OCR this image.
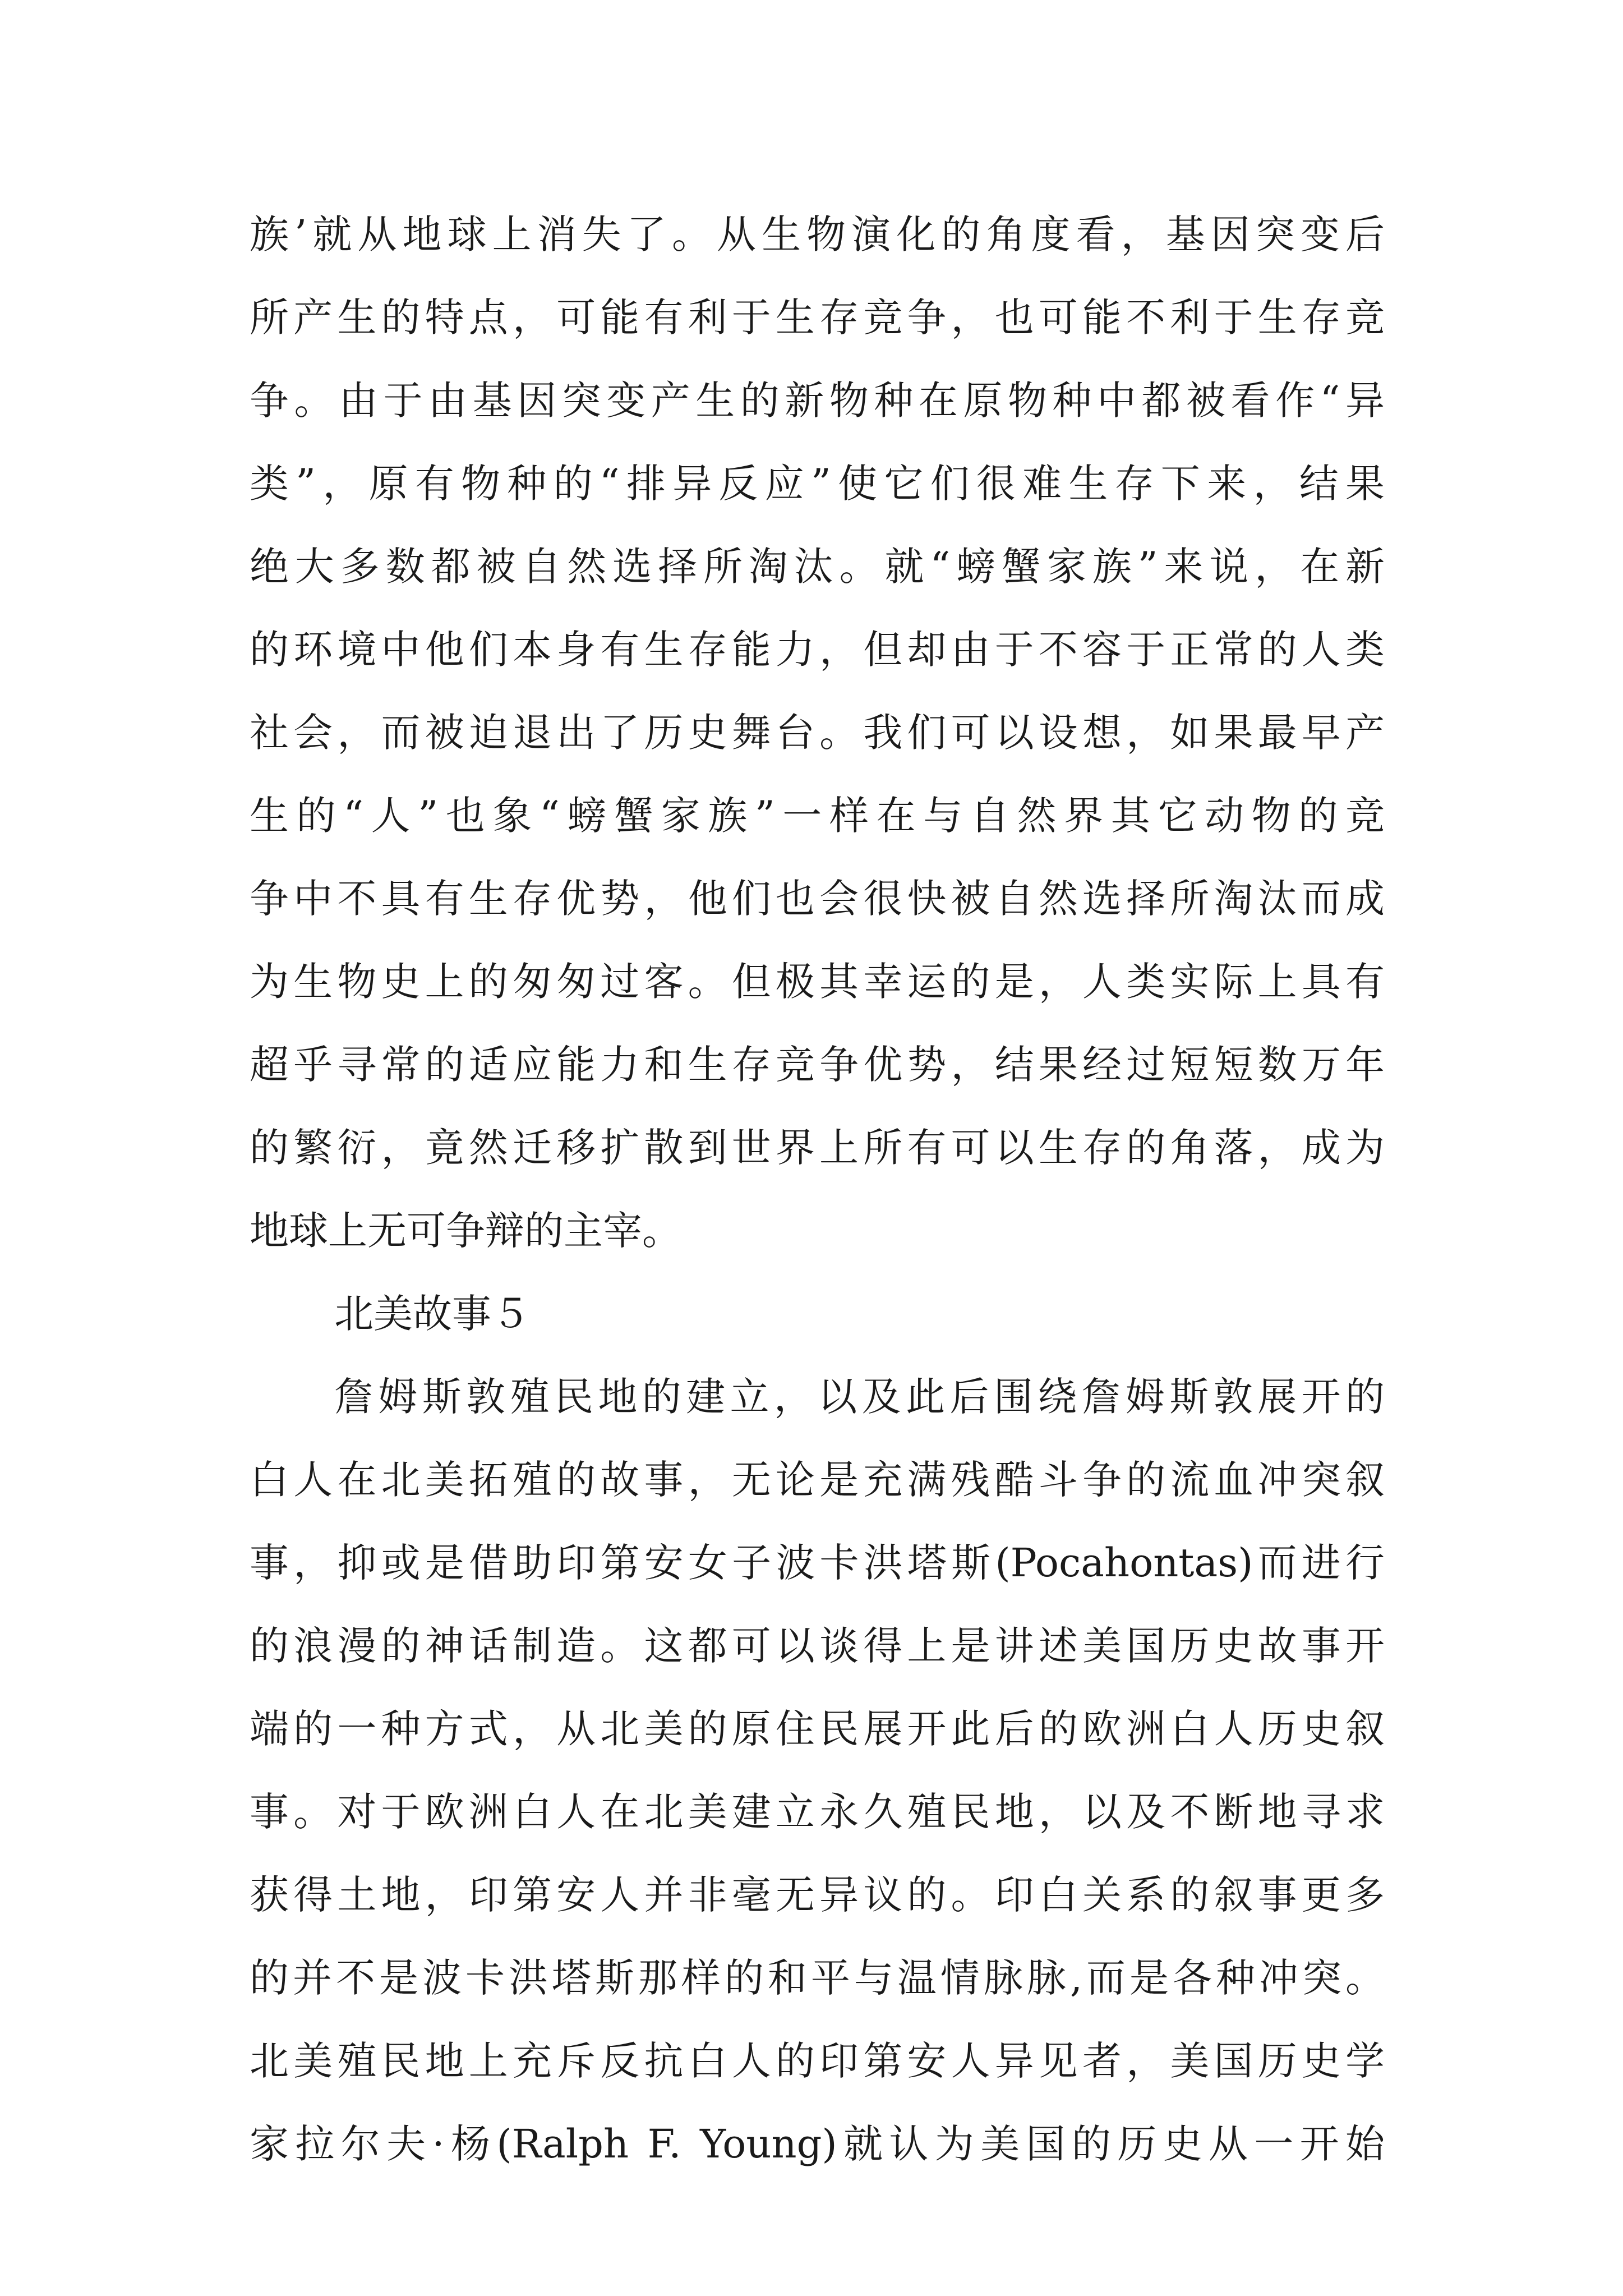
族’就从地球上消失了。从生物演化的角度看，基因突变后
所产生的特点，可能有利于生存竞争，也可能不利于生存竞
争。由于由基因突变产生的新物种在原物种中都被看作“异
类”，原有物种的“排异反应”使它们很难生存下来，结果
绝大多数都被自然选择所淘汰。就“螃蟹家族”来说，在新
的环境中他们本身有生存能力，但却由于不容于正常的人类
社会，而被迫退出了历史舞台。我们可以设想，如果最早产
生的“人”也象“螃蟹家族”一样在与自然界其它动物的竞
争中不具有生存优势，他们也会很快被自然选择所淘汰而成
为生物史上的匆匆过客。但极其幸运的是，人类实际上具有
超乎寻常的适应能力和生存竞争优势，结果经过短短数万年
的繁衍，竟然迁移扩散到世界上所有可以生存的角落，成为
地球上无可争辩的主宰。
北美故事５
詹姆斯敦殖民地的建立，以及此后围绕詹姆斯敦展开的
白人在北美拓殖的故事，无论是充满残酷斗争的流血冲突叙
事，抑或是借助印第安女子波卡洪塔斯(Pocahontas)而进行
的浪漫的神话制造。这都可以谈得上是讲述美国历史故事开
端的一种方式，从北美的原住民展开此后的欧洲白人历史叙
事。对于欧洲白人在北美建立永久殖民地，以及不断地寻求
获得土地，印第安人并非毫无异议的。印白关系的叙事更多
的并不是波卡洪塔斯那样的和平与温情脉脉,而是各种冲突。
北美殖民地上充斥反抗白人的印第安人异见者，美国历史学
家拉尔夫·杨(Ralph F. Young)就认为美国的历史从一开始
